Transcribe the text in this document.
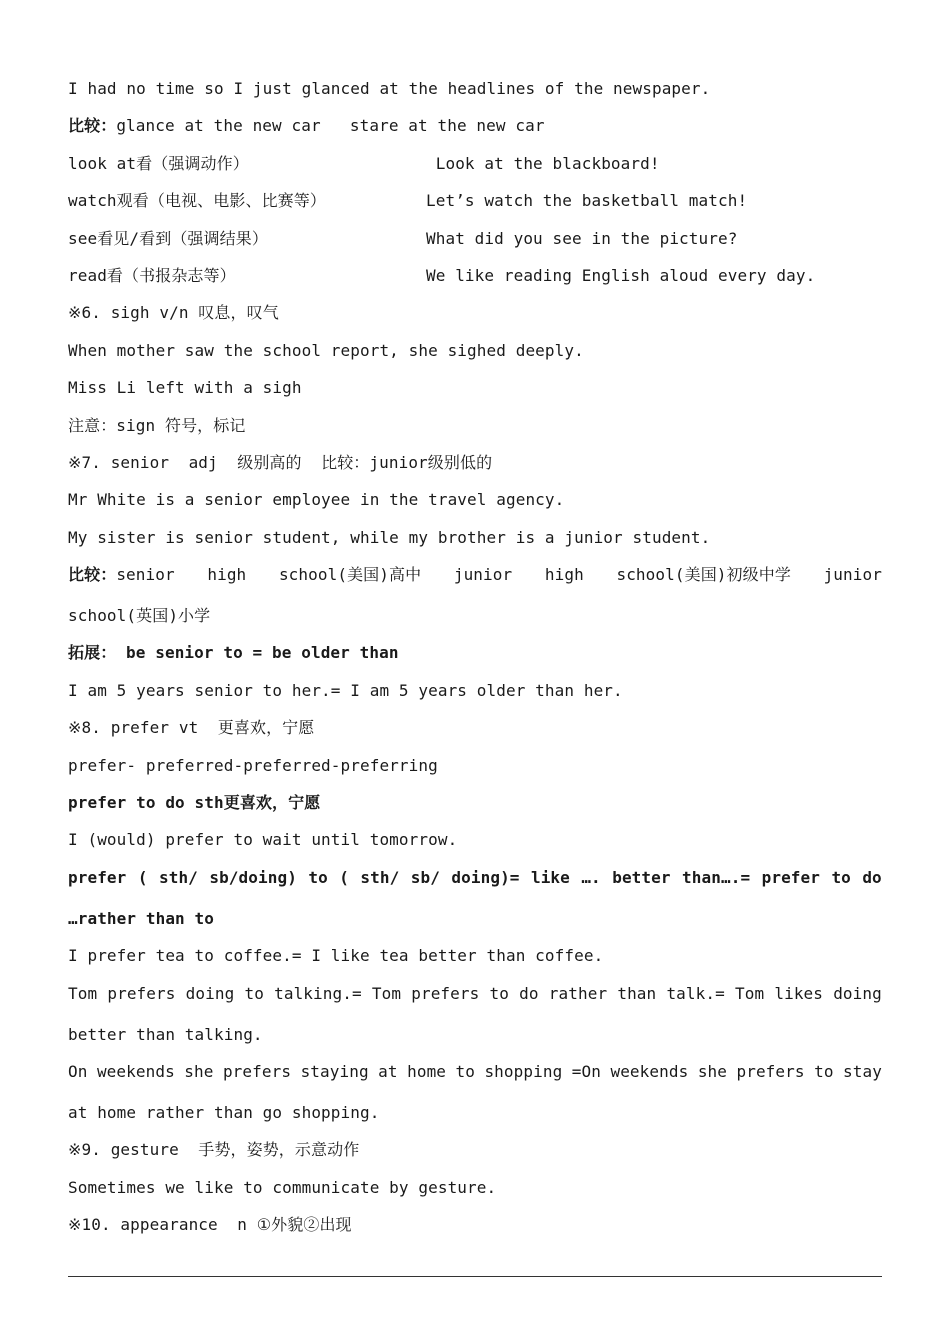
I had no time so I just glanced at the headlines of the newspaper.
比较：glance at the new car   stare at the new car
look at看（强调动作）	Look at the blackboard!
watch观看（电视、电影、比赛等）	Let’s watch the basketball match!
see看见/看到（强调结果）	What did you see in the picture?
read看（书报杂志等）	We like reading English aloud every day.
※6. sigh v/n 叹息，叹气
When mother saw the school report, she sighed deeply.
Miss Li left with a sigh
注意：sign 符号，标记
※7. senior  adj  级别高的  比较：junior级别低的
Mr White is a senior employee in the travel agency.
My sister is senior student, while my brother is a junior student.
比较：senior high school(美国)高中 junior high school(美国)初级中学 junior
school(英国)小学
拓展： be senior to = be older than
I am 5 years senior to her.= I am 5 years older than her.
※8. prefer vt  更喜欢，宁愿
prefer- preferred-preferred-preferring
prefer to do sth更喜欢，宁愿
I (would) prefer to wait until tomorrow.
prefer ( sth/ sb/doing) to ( sth/ sb/ doing)= like …. better than….= prefer to do
…rather than to
I prefer tea to coffee.= I like tea better than coffee.
Tom prefers doing to talking.= Tom prefers to do rather than talk.= Tom likes doing
better than talking.
On weekends she prefers staying at home to shopping =On weekends she prefers to stay
at home rather than go shopping.
※9. gesture  手势，姿势，示意动作
Sometimes we like to communicate by gesture.
※10. appearance  n ①外貌②出现
